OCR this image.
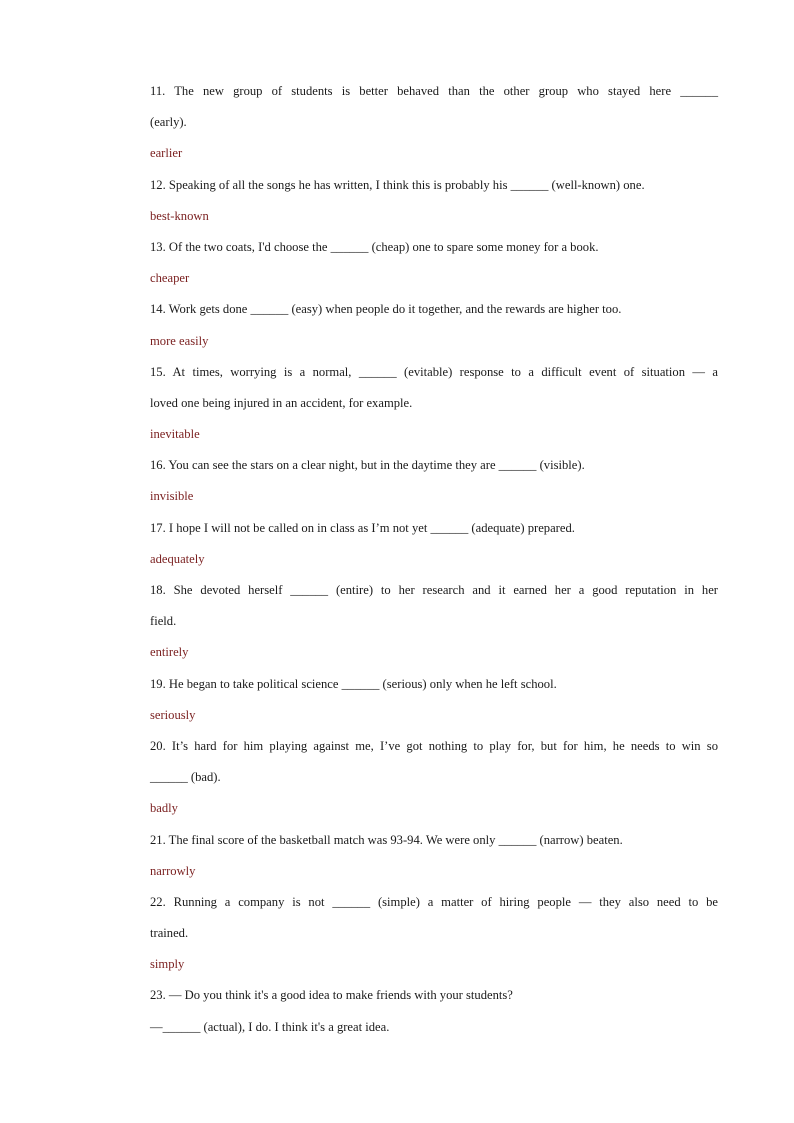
11. The new group of students is better behaved than the other group who stayed here ______
(early).
earlier
12. Speaking of all the songs he has written, I think this is probably his ______ (well-known) one.
best-known
13. Of the two coats, I'd choose the ______ (cheap) one to spare some money for a book.
cheaper
14. Work gets done ______ (easy) when people do it together, and the rewards are higher too.
more easily
15. At times, worrying is a normal, ______ (evitable) response to a difficult event of situation — a
loved one being injured in an accident, for example.
inevitable
16. You can see the stars on a clear night, but in the daytime they are ______ (visible).
invisible
17. I hope I will not be called on in class as I’m not yet ______ (adequate) prepared.
adequately
18. She devoted herself ______ (entire) to her research and it earned her a good reputation in her
field.
entirely
19. He began to take political science ______ (serious) only when he left school.
seriously
20. It’s hard for him playing against me, I’ve got nothing to play for, but for him, he needs to win so
______ (bad).
badly
21. The final score of the basketball match was 93-94. We were only ______ (narrow) beaten.
narrowly
22. Running a company is not ______ (simple) a matter of hiring people — they also need to be
trained.
simply
23. — Do you think it's a good idea to make friends with your students?
—______ (actual), I do. I think it's a great idea.
